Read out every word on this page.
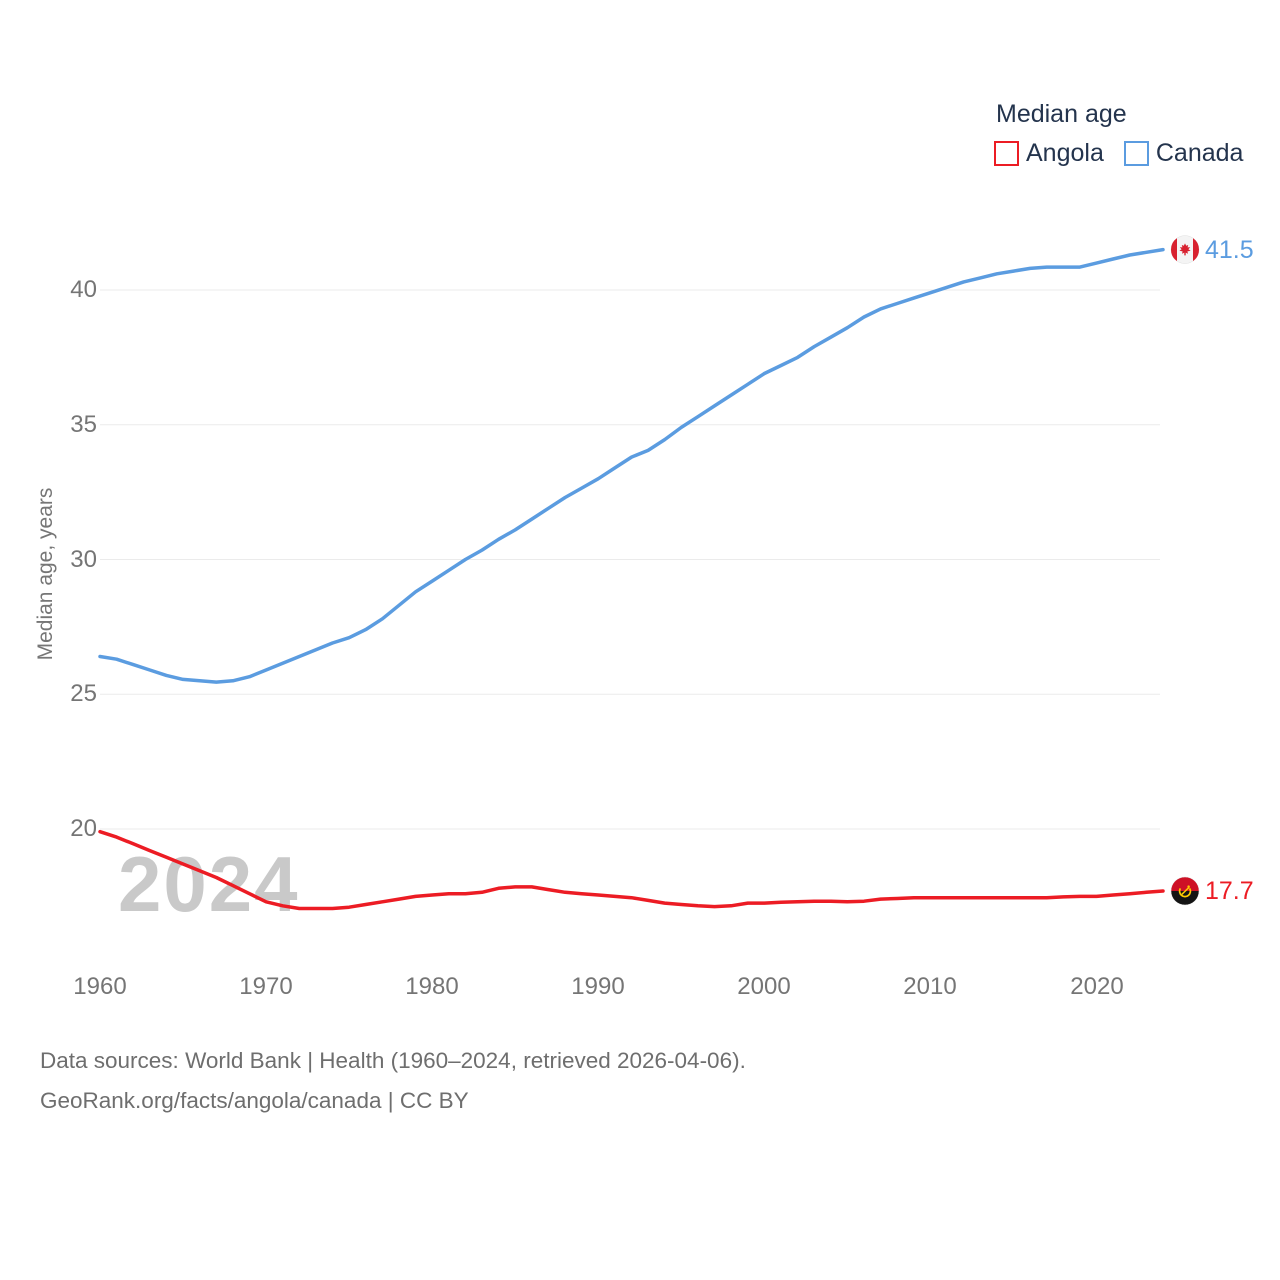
2024
Median age
Angola Canada
Median age, years
20
25
30
35
40
1960	1970	1980	1990	2000	2010	2020
41.5
17.7
Data sources: World Bank | Health (1960–2024, retrieved 2026-04-06).
GeoRank.org/facts/angola/canada | CC BY
